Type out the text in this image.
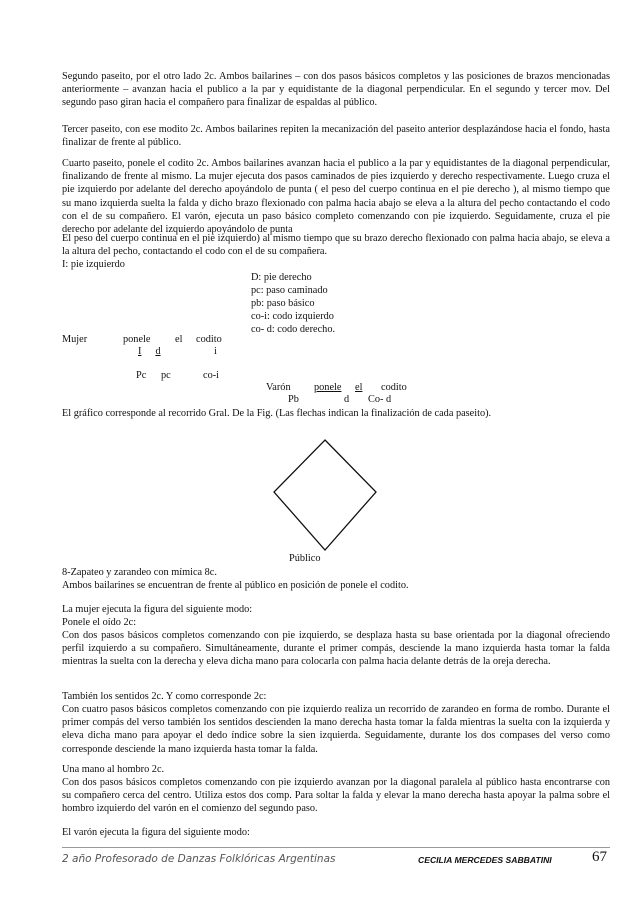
Segundo paseito, por el otro lado 2c. Ambos bailarines – con dos pasos básicos completos y las posiciones de brazos mencionadas anteriormente – avanzan hacia el publico a la par y equidistante de la diagonal perpendicular. En el segundo y tercer mov. Del segundo paso giran hacia el compañero para finalizar de espaldas al público.
Tercer paseito, con ese modito 2c. Ambos bailarines repiten la mecanización del paseito anterior desplazándose hacia el fondo, hasta finalizar de frente al público.
Cuarto paseito, ponele el codito 2c. Ambos bailarines avanzan hacia el publico a la par y equidistantes de la diagonal perpendicular, finalizando de frente al mismo. La mujer ejecuta dos pasos caminados de pies izquierdo y derecho respectivamente. Luego cruza el pie izquierdo por adelante del derecho apoyándolo de punta ( el peso del cuerpo continua en el pie derecho ), al mismo tiempo que su mano izquierda suelta la falda y dicho brazo flexionado con palma hacia abajo se eleva a la altura del pecho contactando el codo con el de su compañero. El varón, ejecuta un paso básico completo comenzando con pie izquierdo. Seguidamente, cruza el pie derecho por adelante del izquierdo apoyándolo de punta
El peso del cuerpo continua en el pie izquierdo) al mismo tiempo que su brazo derecho flexionado con palma hacia abajo, se eleva a la altura del pecho, contactando el codo con el de su compañera.
I: pie izquierdo
D: pie derecho
pc: paso caminado
pb: paso básico
co-i: codo izquierdo
co- d: codo derecho.
Mujer	ponele el codito
I d	i
Pc pc	co-i
Varón ponele el	codito
Pb	d Co- d
El gráfico corresponde al recorrido Gral. De la Fig. (Las flechas indican la finalización de cada paseito).
Público
8-Zapateo y zarandeo con mímica 8c.
Ambos bailarines se encuentran de frente al público en posición de ponele el codito.
La mujer ejecuta la figura del siguiente modo:
Ponele el oído 2c:
Con dos pasos básicos completos comenzando con pie izquierdo, se desplaza hasta su base orientada por la diagonal ofreciendo perfil izquierdo a su compañero. Simultáneamente, durante el primer compás, desciende la mano izquierda hasta tomar la falda mientras la suelta con la derecha y eleva dicha mano para colocarla con palma hacia delante detrás de la oreja derecha.
También los sentidos 2c. Y como corresponde 2c:
Con cuatro pasos básicos completos comenzando con pie izquierdo realiza un recorrido de zarandeo en forma de rombo. Durante el primer compás del verso también los sentidos descienden la mano derecha hasta tomar la falda mientras la suelta con la izquierda y eleva dicha mano para apoyar el dedo índice sobre la sien izquierda. Seguidamente, durante los dos compases del verso como corresponde desciende la mano izquierda hasta tomar la falda.
Una mano al hombro 2c.
Con dos pasos básicos completos comenzando con pie izquierdo avanzan por la diagonal paralela al público hasta encontrarse con su compañero cerca del centro. Utiliza estos dos comp. Para soltar la falda y elevar la mano derecha hasta apoyar la palma sobre el hombro izquierdo del varón en el comienzo del segundo paso.
El varón ejecuta la figura del siguiente modo:
2 año Profesorado de Danzas Folklóricas Argentinas	CECILIA MERCEDES SABBATINI	67
